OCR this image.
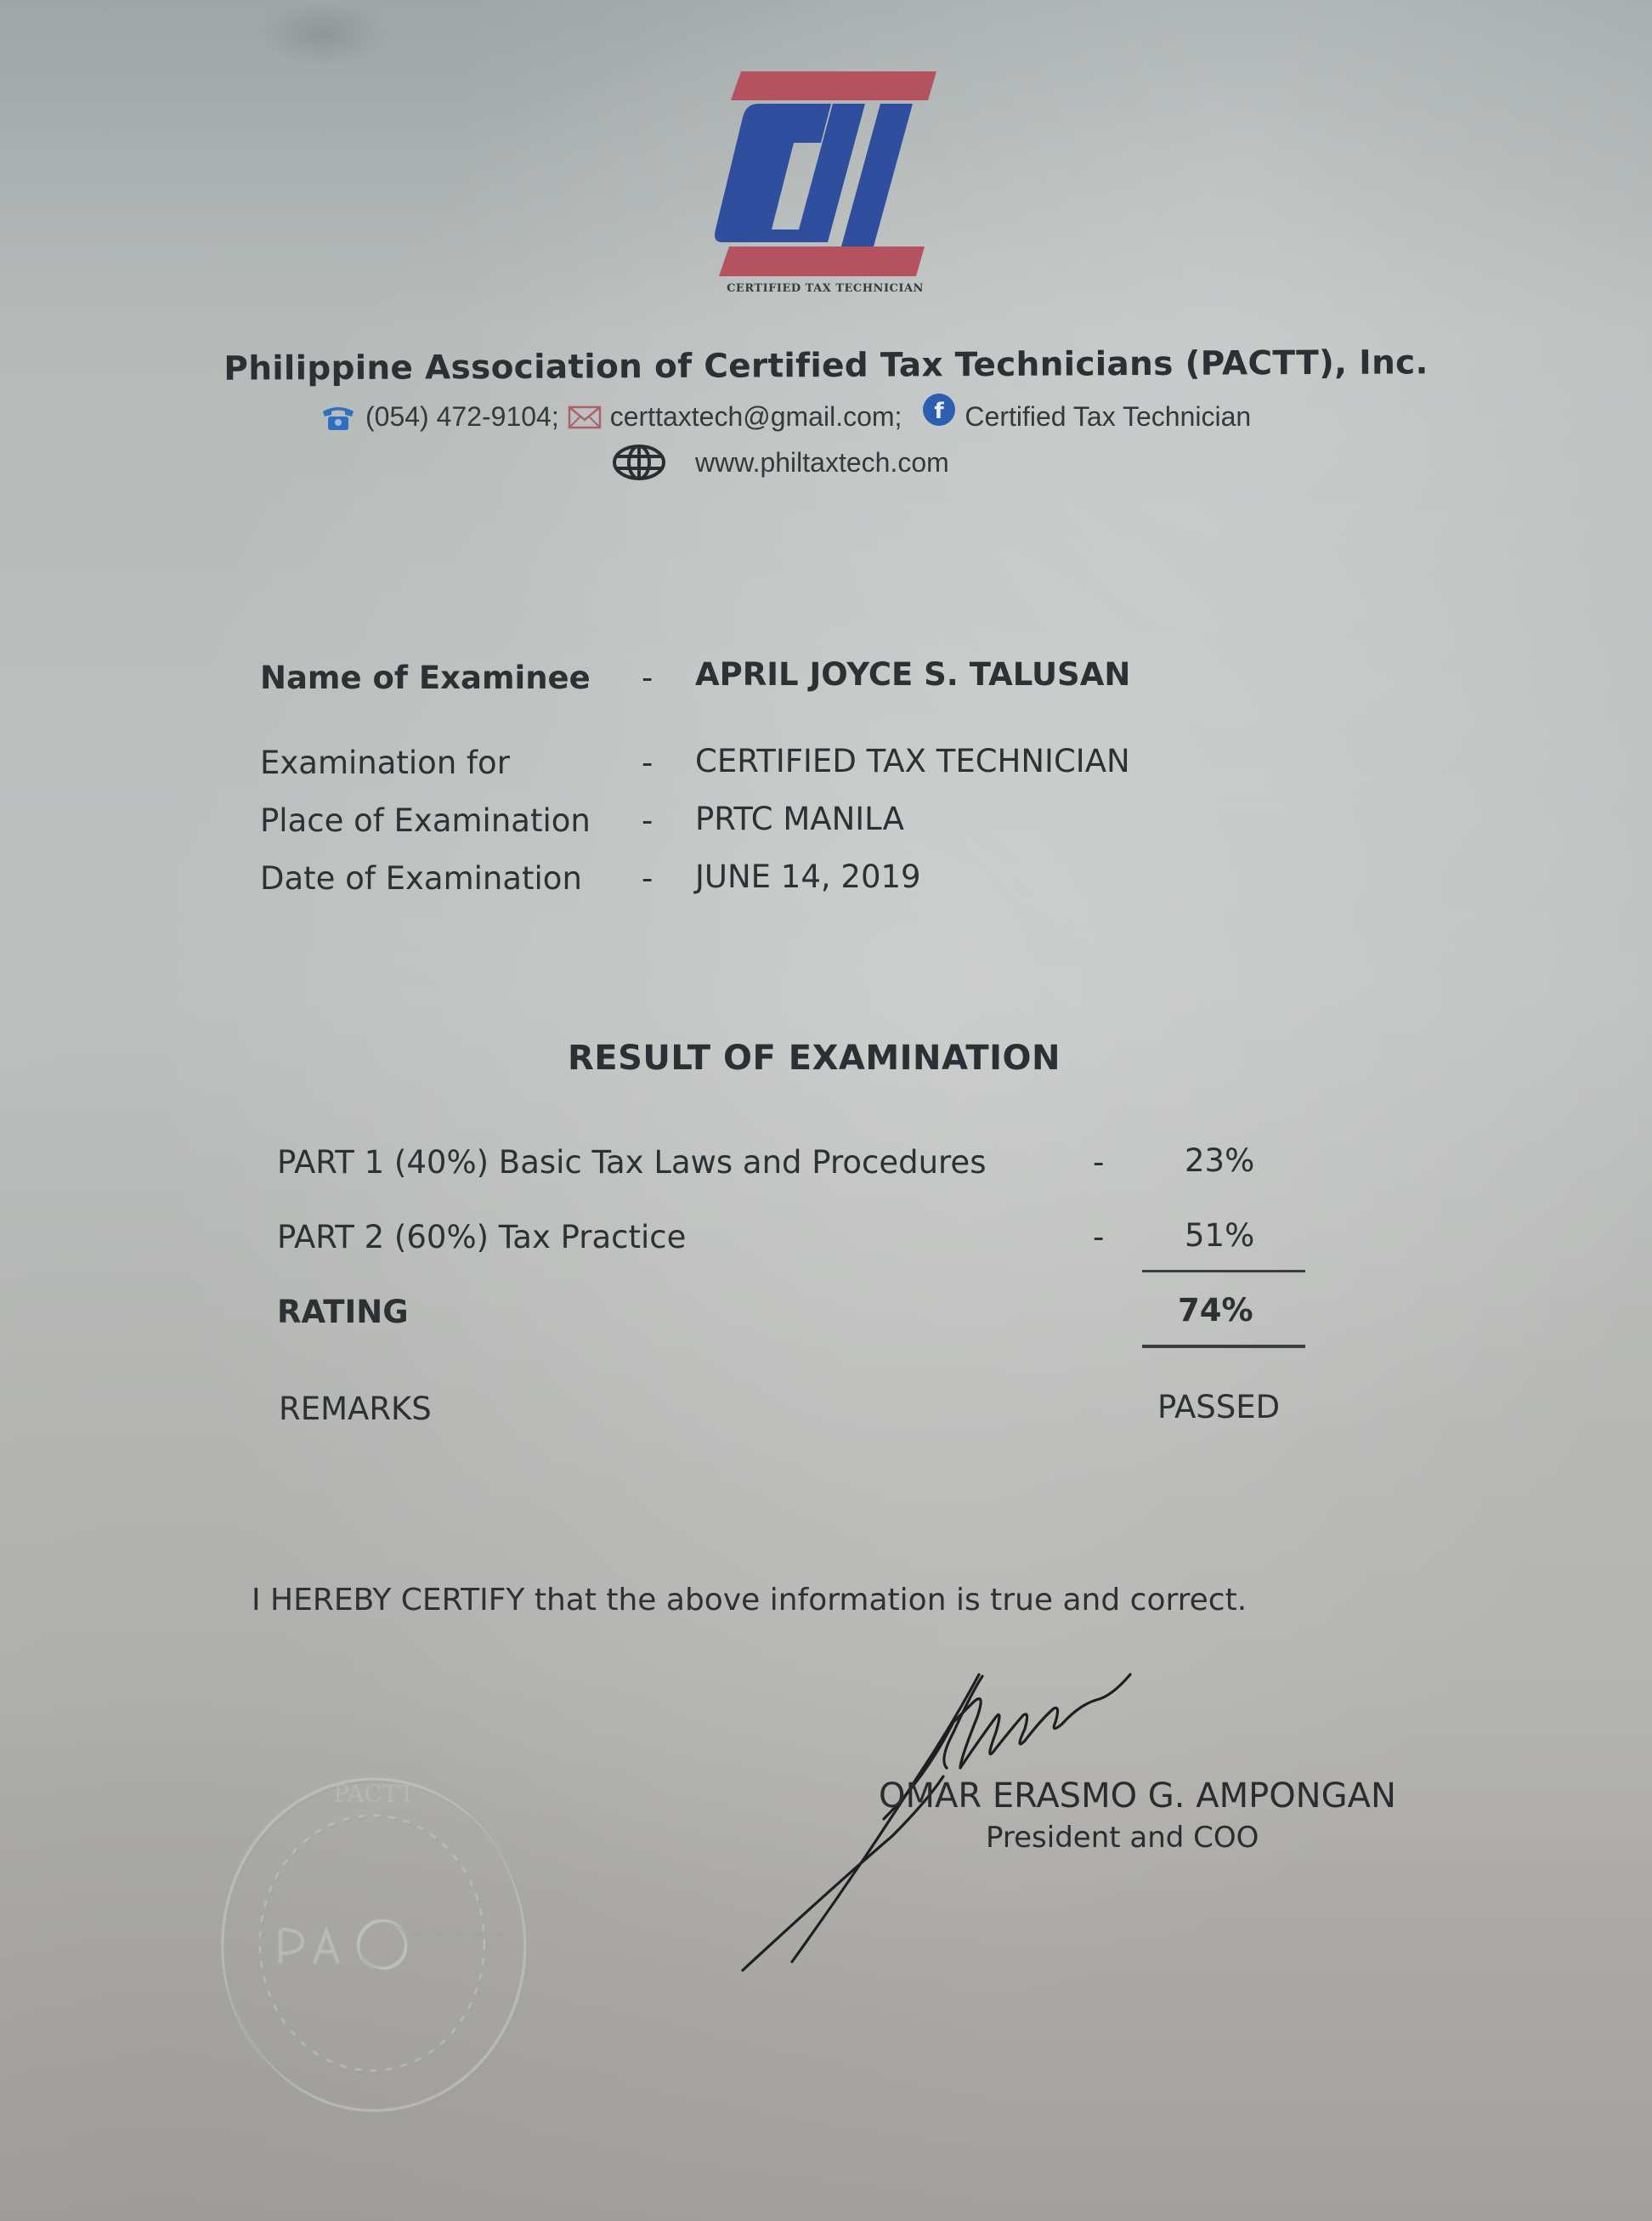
CERTIFIED TAX TECHNICIAN
Philippine Association of Certified Tax Technicians (PACTT), Inc.
(054) 472-9104; certtaxtech@gmail.com; f Certified Tax Technician
www.philtaxtech.com
Name of Examinee - APRIL JOYCE S. TALUSAN
Examination for	- CERTIFIED TAX TECHNICIAN
Place of Examination - PRTC MANILA
Date of Examination - JUNE 14, 2019
RESULT OF EXAMINATION
PART 1 (40%) Basic Tax Laws and Procedures	-	23%
PART 2 (60%) Tax Practice	-	51%
RATING	74%
REMARKS	PASSED
I HEREBY CERTIFY that the above information is true and correct.
PACTT	OMAR ERASMO G. AMPONGAN
President and COO
